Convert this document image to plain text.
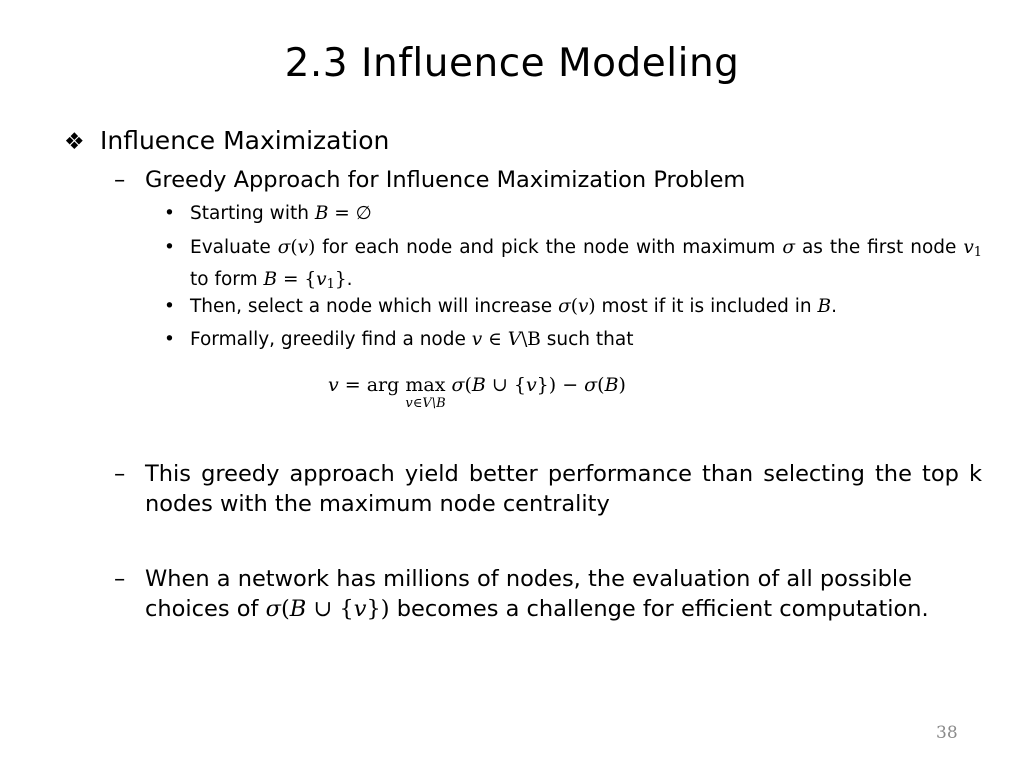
2.3 Influence Modeling
❖ Influence Maximization
– Greedy Approach for Influence Maximization Problem
• Starting with B = ∅
• Evaluate σ(v) for each node and pick the node with maximum σ as the first node $v_1$ to form $B = \{v_1\}$.
• Then, select a node which will increase σ(v) most if it is included in B.
• Formally, greedily find a node v ∈ V\B such that
v = arg max
v∈V\B
σ(B ∪ {v}) − σ(B)
– This greedy approach yield better performance than selecting the top k nodes with the maximum node centrality
– When a network has millions of nodes, the evaluation of all possible choices of σ(B ∪ {v}) becomes a challenge for efficient computation.
38
